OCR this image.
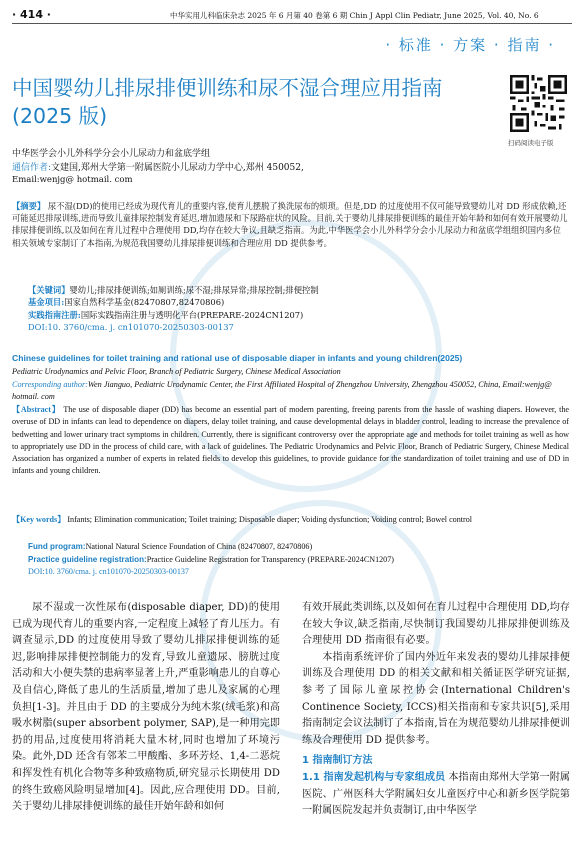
· 414 ·	中华实用儿科临床杂志 2025 年 6 月第 40 卷第 6 期 Chin J Appl Clin Pediatr, June 2025, Vol. 40, No. 6
· 标准 · 方案 · 指南 ·
中国婴幼儿排尿排便训练和尿不湿合理应用指南(2025 版)
扫码阅读电子版
中华医学会小儿外科学分会小儿尿动力和盆底学组
通信作者:文建国,郑州大学第一附属医院小儿尿动力学中心,郑州 450052,
Email:wenjg@ hotmail. com
【摘要】 尿不湿(DD)的使用已经成为现代育儿的重要内容,使育儿摆脱了换洗尿布的烦琐。但是,DD 的过度使用不仅可能导致婴幼儿对 DD 形成依赖,还可能延迟排尿训练,进而导致儿童排尿控制发育延迟,增加遗尿和下尿路症状的风险。目前,关于婴幼儿排尿排便训练的最佳开始年龄和如何有效开展婴幼儿排尿排便训练,以及如何在育儿过程中合理使用 DD,均存在较大争议,且缺乏指南。为此,中华医学会小儿外科学分会小儿尿动力和盆底学组组织国内多位相关领域专家制订了本指南,为规范我国婴幼儿排尿排便训练和合理应用 DD 提供参考。
【关键词】婴幼儿;排尿排便训练;如厕训练;尿不湿;排尿异常;排尿控制;排便控制
基金项目:国家自然科学基金(82470807,82470806)
实践指南注册:国际实践指南注册与透明化平台(PREPARE-2024CN1207)
DOI:10. 3760/cma. j. cn101070-20250303-00137
Chinese guidelines for toilet training and rational use of disposable diaper in infants and young children(2025)
Pediatric Urodynamics and Pelvic Floor, Branch of Pediatric Surgery, Chinese Medical Association
Corresponding author:Wen Jianguo, Pediatric Urodynamic Center, the First Affiliated Hospital of Zhengzhou University, Zhengzhou 450052, China, Email:wenjg@ hotmail. com
【Abstract】 The use of disposable diaper (DD) has become an essential part of modern parenting, freeing parents from the hassle of washing diapers. However, the overuse of DD in infants can lead to dependence on diapers, delay toilet training, and cause developmental delays in bladder control, leading to increase the prevalence of bedwetting and lower urinary tract symptoms in children. Currently, there is significant controversy over the appropriate age and methods for toilet training as well as how to appropriately use DD in the process of child care, with a lack of guidelines. The Pediatric Urodynamics and Pelvic Floor, Branch of Pediatric Surgery, Chinese Medical Association has organized a number of experts in related fields to develop this guidelines, to provide guidance for the standardization of toilet training and use of DD in infants and young children.
【Key words】 Infants; Elimination communication; Toilet training; Disposable diaper; Voiding dysfunction; Voiding control; Bowel control
Fund program:National Natural Science Foundation of China (82470807, 82470806)
Practice guideline registration:Practice Guideline Registration for Transparency (PREPARE-2024CN1207)
DOI:10. 3760/cma. j. cn101070-20250303-00137

尿不湿或一次性尿布(disposable diaper, DD)的使用已成为现代育儿的重要内容,一定程度上减轻了育儿压力。有调查显示,DD 的过度使用导致了婴幼儿排尿排便训练的延迟,影响排尿排便控制能力的发育,导致儿童遗尿、膀胱过度活动和大小便失禁的患病率显著上升,严重影响患儿的自尊心及自信心,降低了患儿的生活质量,增加了患儿及家属的心理负担[1-3]。并且由于 DD 的主要成分为纯木浆(绒毛浆)和高吸水树脂(super absorbent polymer, SAP),是一种用完即扔的用品,过度使用将消耗大量木材,同时也增加了环境污染。此外,DD 还含有邻苯二甲酸酯、多环芳烃、1,4-二恶烷和挥发性有机化合物等多种致癌物质,研究显示长期使用 DD 的终生致癌风险明显增加[4]。因此,应合理使用 DD。目前,关于婴幼儿排尿排便训练的最佳开始年龄和如何

有效开展此类训练,以及如何在育儿过程中合理使用 DD,均存在较大争议,缺乏指南,尽快制订我国婴幼儿排尿排便训练及合理使用 DD 指南很有必要。

本指南系统评价了国内外近年来发表的婴幼儿排尿排便训练及合理使用 DD 的相关文献和相关循证医学研究证据,参考了国际儿童尿控协会(International Children's Continence Society, ICCS)相关指南和专家共识[5],采用指南制定会议法制订了本指南,旨在为规范婴幼儿排尿排便训练及合理使用 DD 提供参考。

1 指南制订方法
1.1 指南发起机构与专家组成员 本指南由郑州大学第一附属医院、广州医科大学附属妇女儿童医疗中心和新乡医学院第一附属医院发起并负责制订,由中华医学
